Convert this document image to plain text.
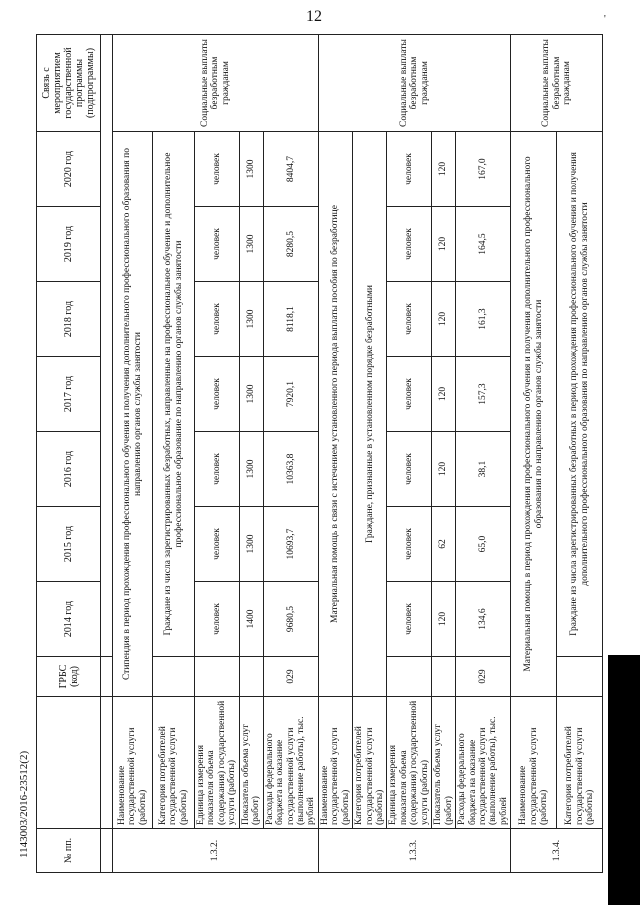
12	'
1143003/2016-23512(2)	№ пп.		ГРБС (код)	2014 год	2015 год	2016 год	2017 год	2018 год	2019 год	2020 год	Связь с мероприятием государственной программы (подпрограммы)

1.3.2.	Наименование государственной услуги (работы)	Стипендия в период прохождения профессионального обучения и получения дополнительного профессионального образования по направлению органов службы занятости								Социальные выплаты безработным гражданам
	Категория потребителей государственной услуги (работы)		Граждане из числа зарегистрированных безработных, направленные на профессиональное обучение и дополнительное профессиональное образование по направлению органов службы занятости							
	Единица измерения показателя объема (содержания) государственной услуги (работы)		человек	человек	человек	человек	человек	человек	человек	
	Показатель объема услуг (работ)		1400	1300	1300	1300	1300	1300	1300	
	Расходы федерального бюджета на оказание государственной услуги (выполнение работы), тыс. рублей	029	9680,5	10693,7	10363,8	7920,1	8118,1	8280,5	8404,7	
1.3.3.	Наименование государственной услуги (работы)	Материальная помощь в связи с истечением установленного периода выплаты пособия по безработице								Социальные выплаты безработным гражданам
	Категория потребителей государственной услуги (работы)	Граждане, признанные в установленном порядке безработными								
	Единица измерения показателя объема (содержания) государственной услуги (работы)		человек	человек	человек	человек	человек	человек	человек	
	Показатель объема услуг (работ)		120	62	120	120	120	120	120	
	Расходы федерального бюджета на оказание государственной услуги (выполнение работы), тыс. рублей	029	134,6	65,0	38,1	157,3	161,3	164,5	167,0	
1.3.4.	Наименование государственной услуги (работы)	Материальная помощь в период прохождения профессионального обучения и получения дополнительного профессионального образования по направлению органов службы занятости								Социальные выплаты безработным гражданам
	Категория потребителей государственной услуги (работы)		Граждане из числа зарегистрированных безработных в период прохождения профессионального обучения и получения дополнительного профессионального образования по направлению органов службы занятости							
